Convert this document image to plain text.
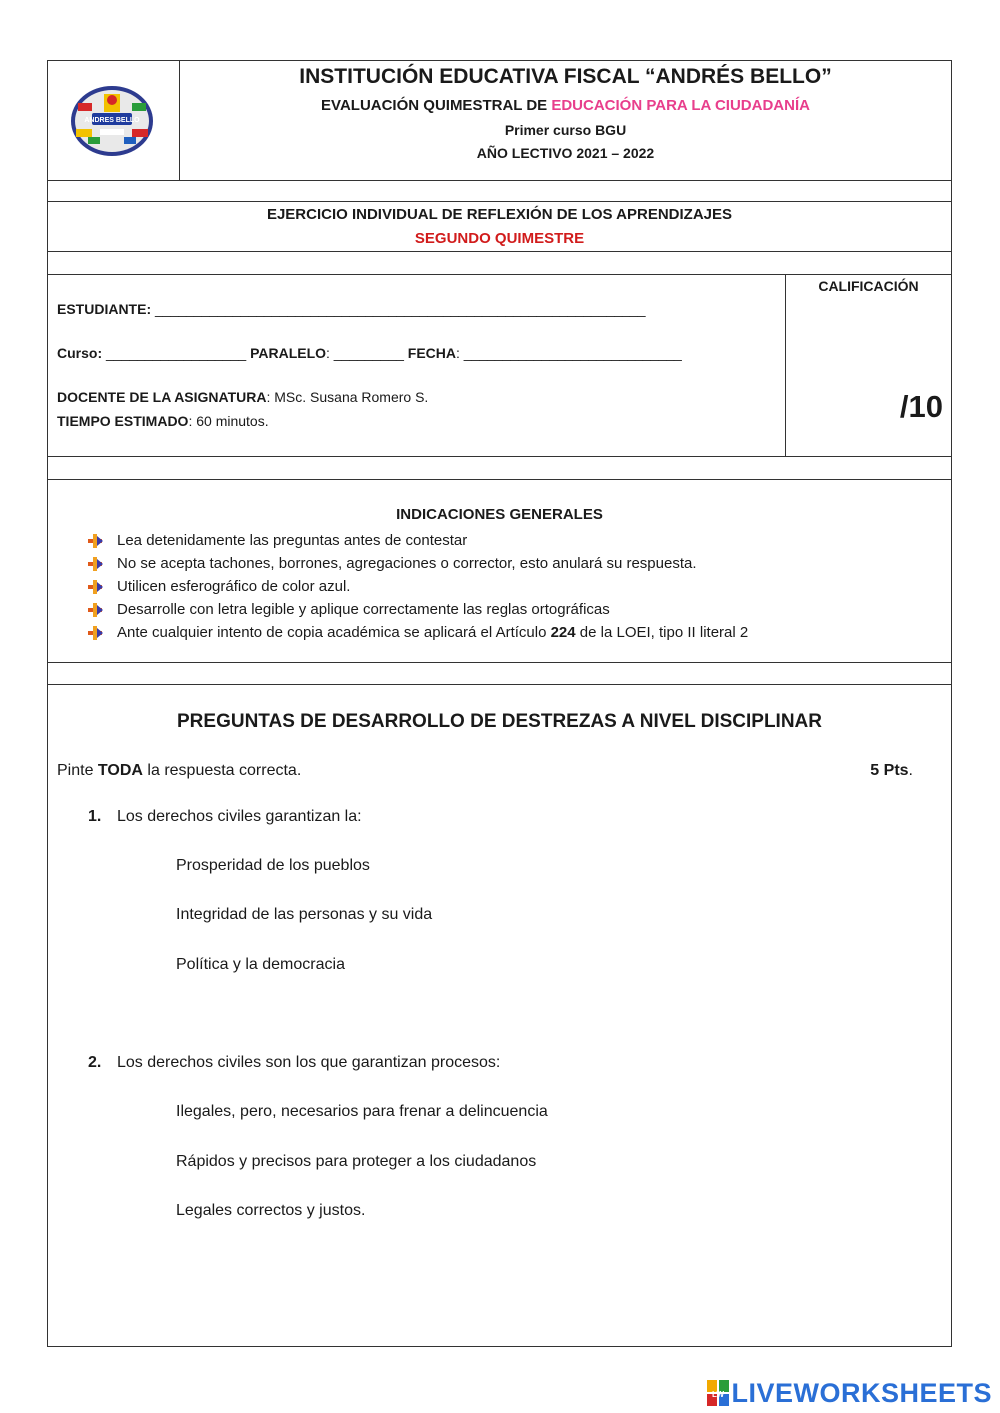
ANDRES BELLO
INSTITUCIÓN EDUCATIVA FISCAL “ANDRÉS BELLO”
EVALUACIÓN QUIMESTRAL DE EDUCACIÓN PARA LA CIUDADANÍA
Primer curso BGU
AÑO LECTIVO 2021 – 2022
EJERCICIO INDIVIDUAL DE REFLEXIÓN DE LOS APRENDIZAJES
SEGUNDO QUIMESTRE
ESTUDIANTE: _______________________________________________________________
Curso: __________________ PARALELO: _________ FECHA: ____________________________
DOCENTE DE LA ASIGNATURA: MSc. Susana Romero S.
TIEMPO ESTIMADO: 60 minutos.
CALIFICACIÓN
/10
INDICACIONES GENERALES
Lea detenidamente las preguntas antes de contestar
No se acepta tachones, borrones, agregaciones o corrector, esto anulará su respuesta.
Utilicen esferográfico de color azul.
Desarrolle con letra legible y aplique correctamente las reglas ortográficas
Ante cualquier intento de copia académica se aplicará el Artículo 224 de la LOEI, tipo II literal 2
PREGUNTAS DE DESARROLLO DE DESTREZAS A NIVEL DISCIPLINAR
Pinte TODA la respuesta correcta.	5 Pts.
1. Los derechos civiles garantizan la:
Prosperidad de los pueblos
Integridad de las personas y su vida
Política y la democracia
2. Los derechos civiles son los que garantizan procesos:
Ilegales, pero, necesarios para frenar a delincuencia
Rápidos y precisos para proteger a los ciudadanos
Legales correctos y justos.
LW LIVEWORKSHEETS
